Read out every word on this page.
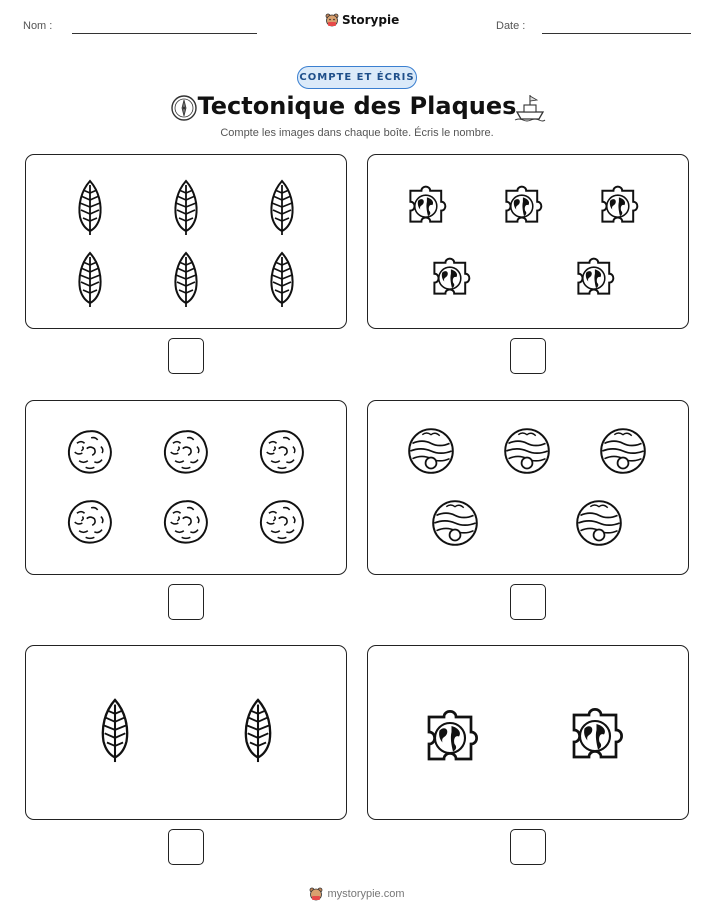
Nom :	Storypie	Date :
COMPTE ET ÉCRIS
Tectonique des Plaques
Compte les images dans chaque boîte. Écris le nombre.
mystorypie.com
